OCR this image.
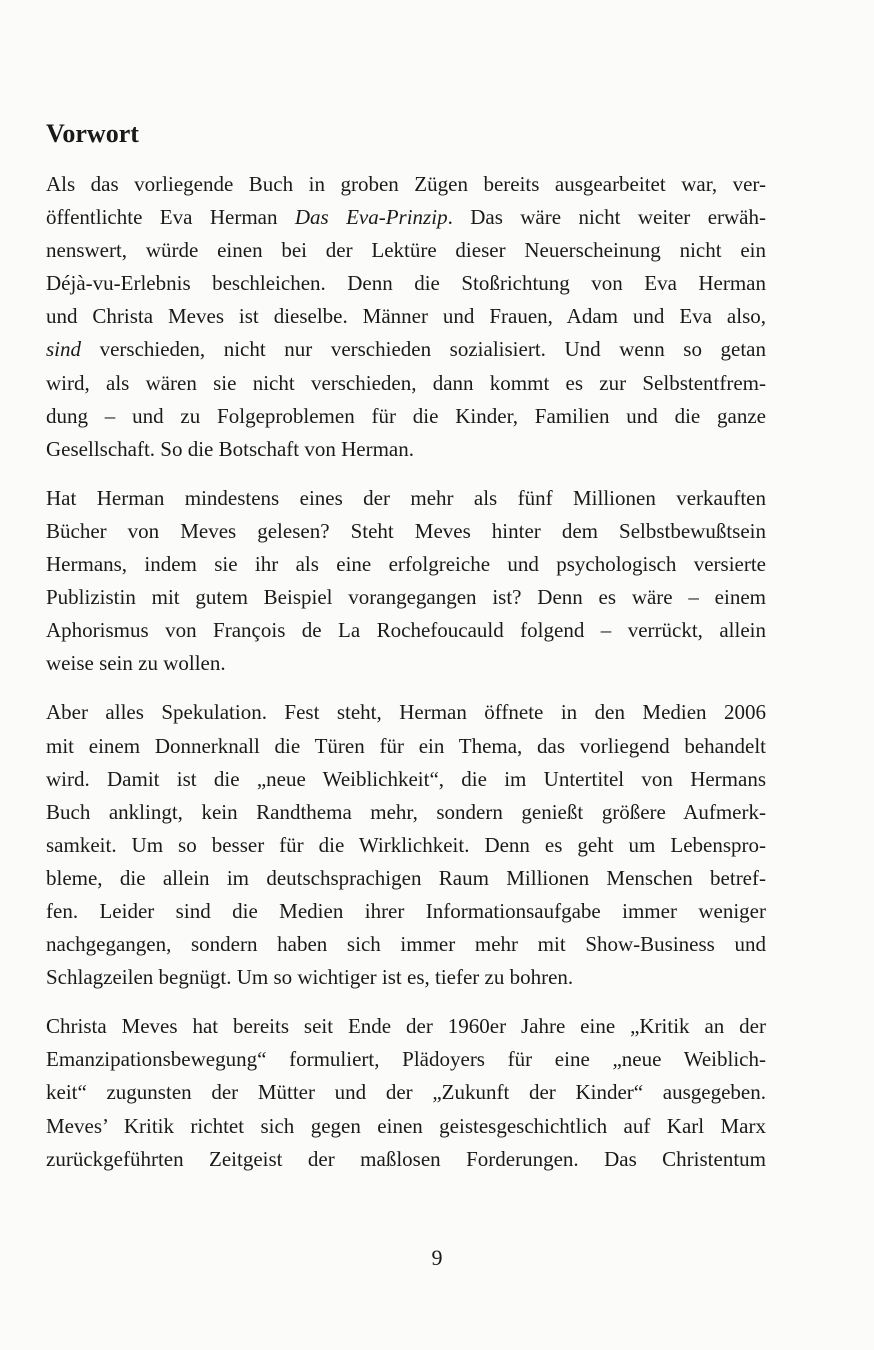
Vorwort

Als das vorliegende Buch in groben Zügen bereits ausgearbeitet war, ver-
öffentlichte Eva Herman Das Eva-Prinzip. Das wäre nicht weiter erwäh-
nenswert, würde einen bei der Lektüre dieser Neuerscheinung nicht ein
Déjà-vu-Erlebnis beschleichen. Denn die Stoßrichtung von Eva Herman
und Christa Meves ist dieselbe. Männer und Frauen, Adam und Eva also,
sind verschieden, nicht nur verschieden sozialisiert. Und wenn so getan
wird, als wären sie nicht verschieden, dann kommt es zur Selbstentfrem-
dung – und zu Folgeproblemen für die Kinder, Familien und die ganze
Gesellschaft. So die Botschaft von Herman.

Hat Herman mindestens eines der mehr als fünf Millionen verkauften
Bücher von Meves gelesen? Steht Meves hinter dem Selbstbewußtsein
Hermans, indem sie ihr als eine erfolgreiche und psychologisch versierte
Publizistin mit gutem Beispiel vorangegangen ist? Denn es wäre – einem
Aphorismus von François de La Rochefoucauld folgend – verrückt, allein
weise sein zu wollen.

Aber alles Spekulation. Fest steht, Herman öffnete in den Medien 2006
mit einem Donnerknall die Türen für ein Thema, das vorliegend behandelt
wird. Damit ist die „neue Weiblichkeit“, die im Untertitel von Hermans
Buch anklingt, kein Randthema mehr, sondern genießt größere Aufmerk-
samkeit. Um so besser für die Wirklichkeit. Denn es geht um Lebenspro-
bleme, die allein im deutschsprachigen Raum Millionen Menschen betref-
fen. Leider sind die Medien ihrer Informationsaufgabe immer weniger
nachgegangen, sondern haben sich immer mehr mit Show-Business und
Schlagzeilen begnügt. Um so wichtiger ist es, tiefer zu bohren.

Christa Meves hat bereits seit Ende der 1960er Jahre eine „Kritik an der
Emanzipationsbewegung“ formuliert, Plädoyers für eine „neue Weiblich-
keit“ zugunsten der Mütter und der „Zukunft der Kinder“ ausgegeben.
Meves’ Kritik richtet sich gegen einen geistesgeschichtlich auf Karl Marx
zurückgeführten Zeitgeist der maßlosen Forderungen. Das Christentum

9
